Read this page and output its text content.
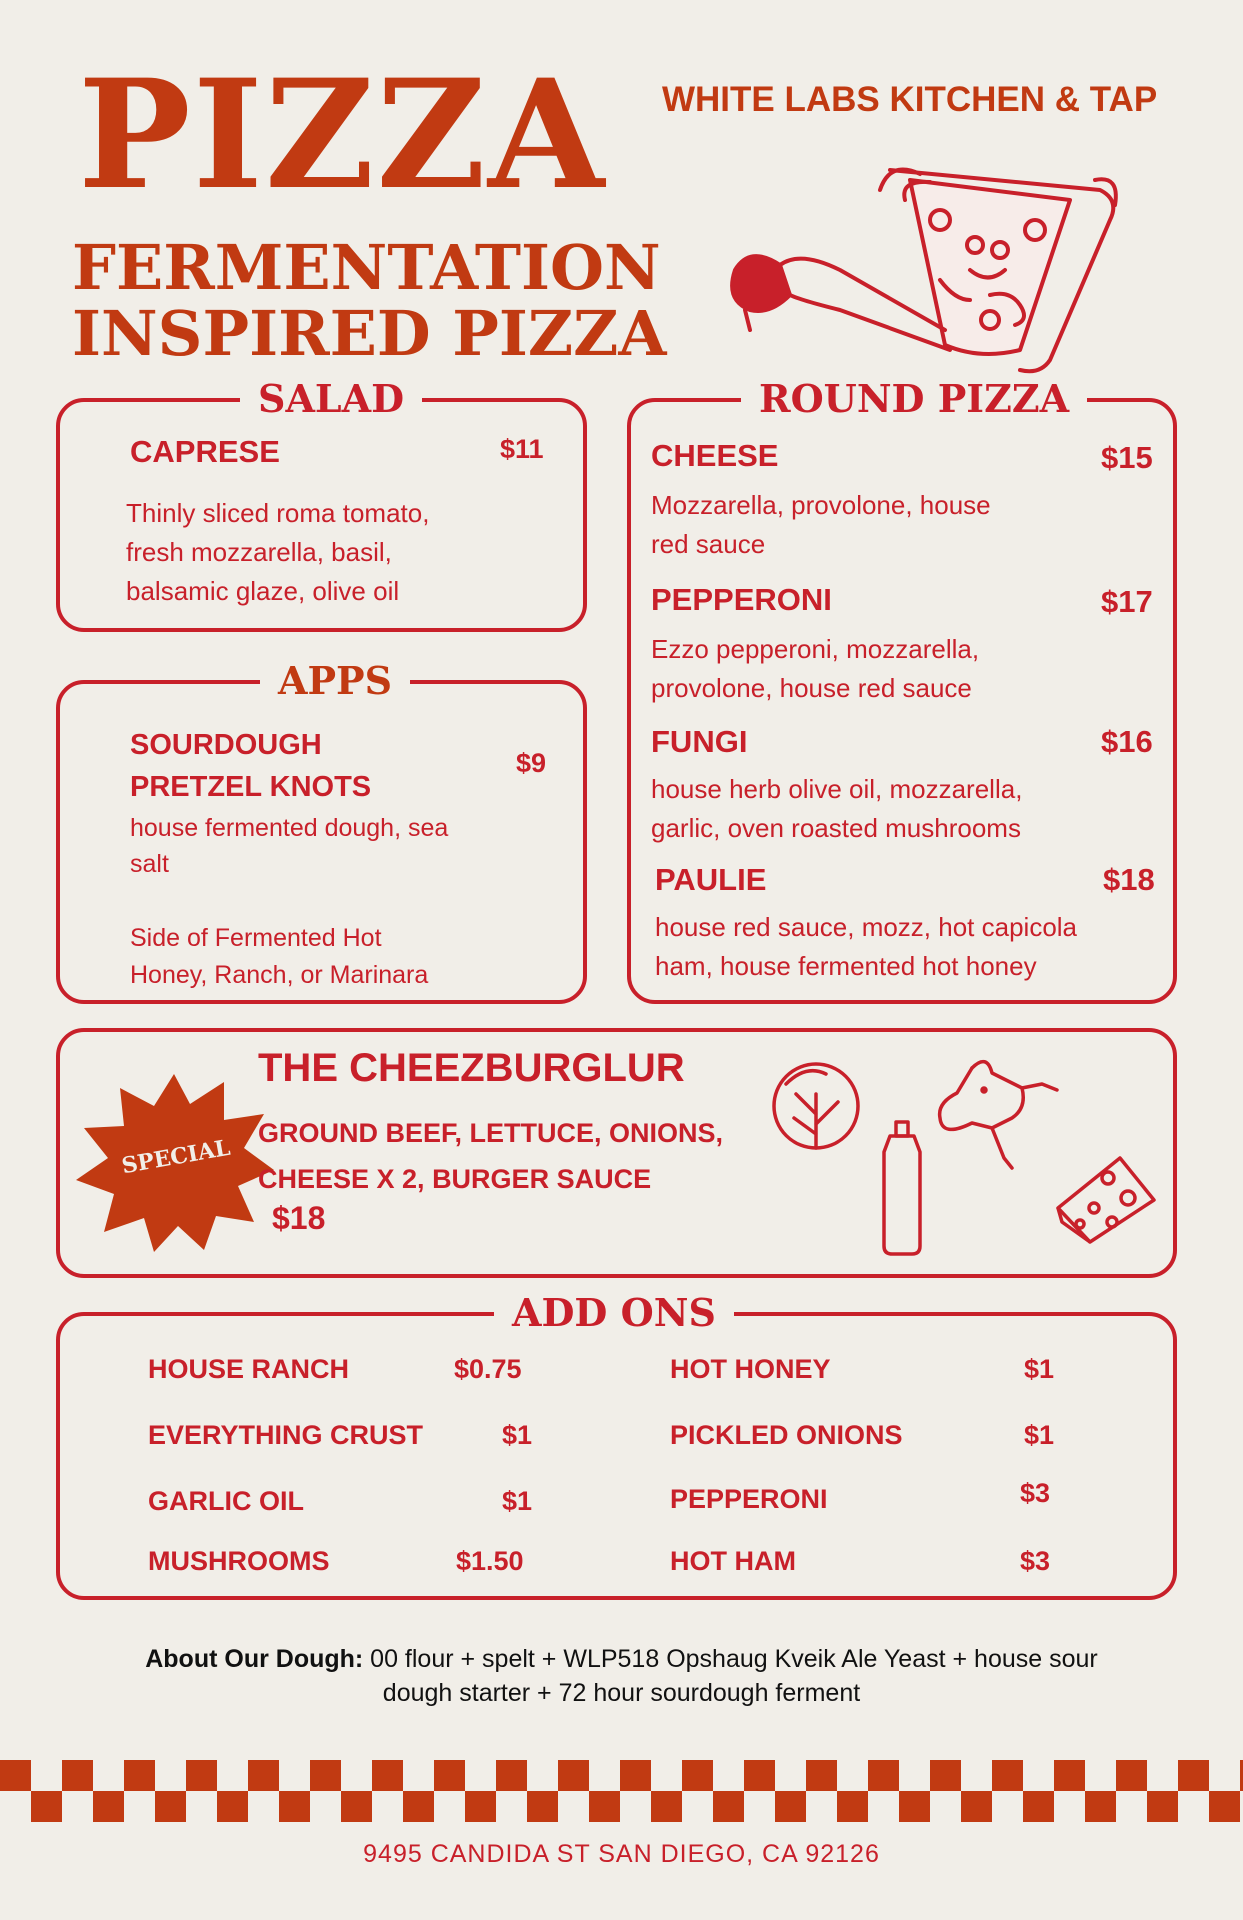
PIZZA WHITE LABS KITCHEN & TAP
FERMENTATION
INSPIRED PIZZA
SALAD
CAPRESE	$11
Thinly sliced roma tomato,
fresh mozzarella, basil,
balsamic glaze, olive oil
APPS
SOURDOUGH
PRETZEL KNOTS
$9
house fermented dough, sea
salt
Side of Fermented Hot
Honey, Ranch, or Marinara
ROUND PIZZA
CHEESE	$15
Mozzarella, provolone, house
red sauce
PEPPERONI	$17
Ezzo pepperoni, mozzarella,
provolone, house red sauce
FUNGI	$16
house herb olive oil, mozzarella,
garlic, oven roasted mushrooms
PAULIE	$18
house red sauce, mozz, hot capicola
ham, house fermented hot honey
SPECIAL
THE CHEEZBURGLUR
GROUND BEEF, LETTUCE, ONIONS,
CHEESE X 2, BURGER SAUCE
$18
ADD ONS
HOUSE RANCH	$0.75
EVERYTHING CRUST	$1
GARLIC OIL	$1
MUSHROOMS	$1.50
HOT HONEY	$1
PICKLED ONIONS	$1
PEPPERONI	$3
HOT HAM	$3
About Our Dough: 00 flour + spelt + WLP518 Opshaug Kveik Ale Yeast + house sour
dough starter + 72 hour sourdough ferment
9495 CANDIDA ST SAN DIEGO, CA 92126
